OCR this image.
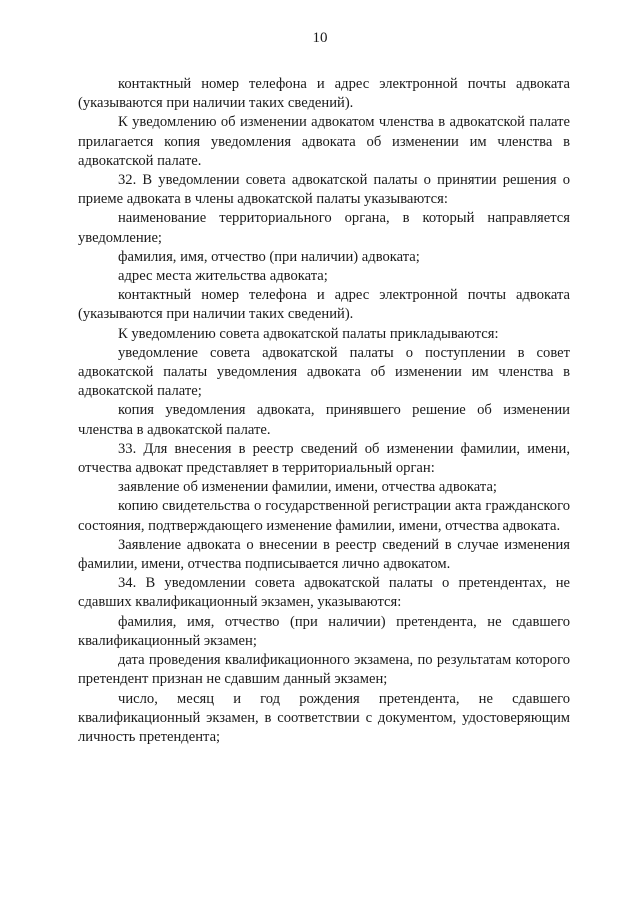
10

контактный номер телефона и адрес электронной почты адвоката (указываются при наличии таких сведений).

К уведомлению об изменении адвокатом членства в адвокатской палате прилагается копия уведомления адвоката об изменении им членства в адвокатской палате.

32. В уведомлении совета адвокатской палаты о принятии решения о приеме адвоката в члены адвокатской палаты указываются:

наименование территориального органа, в который направляется уведомление;

фамилия, имя, отчество (при наличии) адвоката;

адрес места жительства адвоката;

контактный номер телефона и адрес электронной почты адвоката (указываются при наличии таких сведений).

К уведомлению совета адвокатской палаты прикладываются:

уведомление совета адвокатской палаты о поступлении в совет адвокатской палаты уведомления адвоката об изменении им членства в адвокатской палате;

копия уведомления адвоката, принявшего решение об изменении членства в адвокатской палате.

33. Для внесения в реестр сведений об изменении фамилии, имени, отчества адвокат представляет в территориальный орган:

заявление об изменении фамилии, имени, отчества адвоката;

копию свидетельства о государственной регистрации акта гражданского состояния, подтверждающего изменение фамилии, имени, отчества адвоката.

Заявление адвоката о внесении в реестр сведений в случае изменения фамилии, имени, отчества подписывается лично адвокатом.

34. В уведомлении совета адвокатской палаты о претендентах, не сдавших квалификационный экзамен, указываются:

фамилия, имя, отчество (при наличии) претендента, не сдавшего квалификационный экзамен;

дата проведения квалификационного экзамена, по результатам которого претендент признан не сдавшим данный экзамен;

число, месяц и год рождения претендента, не сдавшего квалификационный экзамен, в соответствии с документом, удостоверяющим личность претендента;
